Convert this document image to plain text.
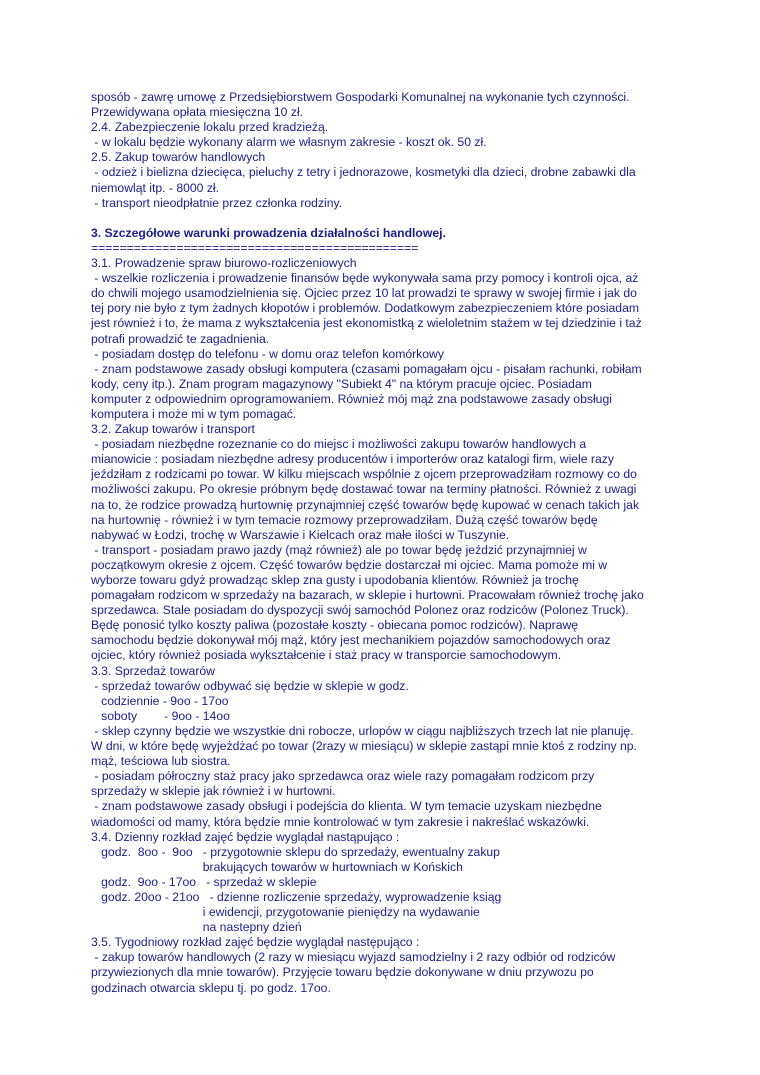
sposób - zawrę umowę z Przedsiębiorstwem Gospodarki Komunalnej na wykonanie tych czynności.
Przewidywana opłata miesięczna 10 zł.
2.4. Zabezpieczenie lokalu przed kradzieżą.
- w lokalu będzie wykonany alarm we własnym zakresie - koszt ok. 50 zł.
2.5. Zakup towarów handlowych
- odzież i bielizna dziecięca, pieluchy z tetry i jednorazowe, kosmetyki dla dzieci, drobne zabawki dla
niemowląt itp. - 8000 zł.
- transport nieodpłatnie przez członka rodziny.
3. Szczegółowe warunki prowadzenia działalności handlowej.
==============================================
3.1. Prowadzenie spraw biurowo-rozliczeniowych
- wszelkie rozliczenia i prowadzenie finansów będe wykonywała sama przy pomocy i kontroli ojca, aż
do chwili mojego usamodzielnienia się. Ojciec przez 10 lat prowadzi te sprawy w swojej firmie i jak do
tej pory nie było z tym żadnych kłopotów i problemów. Dodatkowym zabezpieczeniem które posiadam
jest również i to, że mama z wykształcenia jest ekonomistką z wieloletnim stażem w tej dziedzinie i taż
potrafi prowadzić te zagadnienia.
- posiadam dostęp do telefonu - w domu oraz telefon komórkowy
- znam podstawowe zasady obsługi komputera (czasami pomagałam ojcu - pisałam rachunki, robiłam
kody, ceny itp.). Znam program magazynowy "Subiekt 4" na którym pracuje ojciec. Posiadam
komputer z odpowiednim oprogramowaniem. Również mój mąż zna podstawowe zasady obsługi
komputera i może mi w tym pomagać.
3.2. Zakup towarów i transport
- posiadam niezbędne rozeznanie co do miejsc i możliwości zakupu towarów handlowych a
mianowicie : posiadam niezbędne adresy producentów i importerów oraz katalogi firm, wiele razy
jeździłam z rodzicami po towar. W kilku miejscach wspólnie z ojcem przeprowadziłam rozmowy co do
możliwości zakupu. Po okresie próbnym będę dostawać towar na terminy płatności. Również z uwagi
na to, że rodzice prowadzą hurtownię przynajmniej część towarów będę kupować w cenach takich jak
na hurtownię - również i w tym temacie rozmowy przeprowadziłam. Dużą część towarów będę
nabywać w Łodzi, trochę w Warszawie i Kielcach oraz małe ilości w Tuszynie.
- transport - posiadam prawo jazdy (mąż również) ale po towar będę jeździć przynajmniej w
początkowym okresie z ojcem. Część towarów będzie dostarczał mi ojciec. Mama pomoże mi w
wyborze towaru gdyż prowadząc sklep zna gusty i upodobania klientów. Również ja trochę
pomagałam rodzicom w sprzedaży na bazarach, w sklepie i hurtowni. Pracowałam również trochę jako
sprzedawca. Stale posiadam do dyspozycji swój samochód Polonez oraz rodziców (Polonez Truck).
Będę ponosić tylko koszty paliwa (pozostałe koszty - obiecana pomoc rodziców). Naprawę
samochodu będzie dokonywał mój mąż, który jest mechanikiem pojazdów samochodowych oraz
ojciec, który również posiada wykształcenie i staż pracy w transporcie samochodowym.
3.3. Sprzedaż towarów
- sprzedaż towarów odbywać się będzie w sklepie w godz.
codziennie - 9oo - 17oo
soboty        - 9oo - 14oo
- sklep czynny będzie we wszystkie dni robocze, urlopów w ciągu najbliższych trzech lat nie planuję.
W dni, w które będę wyjeżdżać po towar (2razy w miesiącu) w sklepie zastąpi mnie ktoś z rodziny np.
mąż, teściowa lub siostra.
- posiadam półroczny staż pracy jako sprzedawca oraz wiele razy pomagałam rodzicom przy
sprzedaży w sklepie jak również i w hurtowni.
- znam podstawowe zasady obsługi i podejścia do klienta. W tym temacie uzyskam niezbędne
wiadomości od mamy, która będzie mnie kontrolować w tym zakresie i nakreślać wskazówki.
3.4. Dzienny rozkład zajęć będzie wyglądał nastąpująco :
godz.  8oo -  9oo   - przygotownie sklepu do sprzedaży, ewentualny zakup
brakujących towarów w hurtowniach w Końskich
godz.  9oo - 17oo   - sprzedaż w sklepie
godz. 20oo - 21oo   - dzienne rozliczenie sprzedaży, wyprowadzenie ksiąg
i ewidencji, przygotowanie pieniędzy na wydawanie
na nastepny dzień
3.5. Tygodniowy rozkład zajęć będzie wyglądał następująco :
- zakup towarów handlowych (2 razy w miesiącu wyjazd samodzielny i 2 razy odbiór od rodziców
przywiezionych dla mnie towarów). Przyjęcie towaru będzie dokonywane w dniu przywozu po
godzinach otwarcia sklepu tj. po godz. 17oo.
